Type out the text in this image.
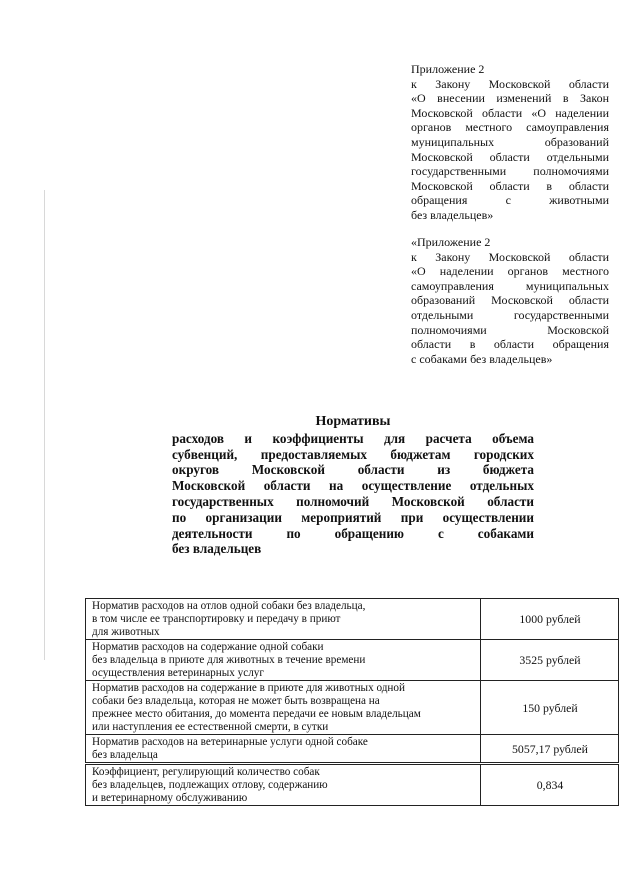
Приложение 2
к Закону Московской области
«О внесении изменений в Закон
Московской области «О наделении
органов местного самоуправления
муниципальных образований
Московской области отдельными
государственными полномочиями
Московской области в области
обращения с животными
без владельцев»
«Приложение 2
к Закону Московской области
«О наделении органов местного
самоуправления муниципальных
образований Московской области
отдельными государственными
полномочиями Московской
области в области обращения
с собаками без владельцев»
Нормативы
расходов и коэффициенты для расчета объема
субвенций, предоставляемых бюджетам городских
округов Московской области из бюджета
Московской области на осуществление отдельных
государственных полномочий Московской области
по организации мероприятий при осуществлении
деятельности по обращению с собаками
без владельцев
Норматив расходов на отлов одной собаки без владельца,
в том числе ее транспортировку и передачу в приют
для животных	1000 рублей

Норматив расходов на содержание одной собаки
без владельца в приюте для животных в течение времени
осуществления ветеринарных услуг	3525 рублей

Норматив расходов на содержание в приюте для животных одной
собаки без владельца, которая не может быть возвращена на
прежнее место обитания, до момента передачи ее новым владельцам
или наступления ее естественной смерти, в сутки	150 рублей

Норматив расходов на ветеринарные услуги одной собаке
без владельца	5057,17 рублей

Коэффициент, регулирующий количество собак
без владельцев, подлежащих отлову, содержанию
и ветеринарному обслуживанию	0,834
